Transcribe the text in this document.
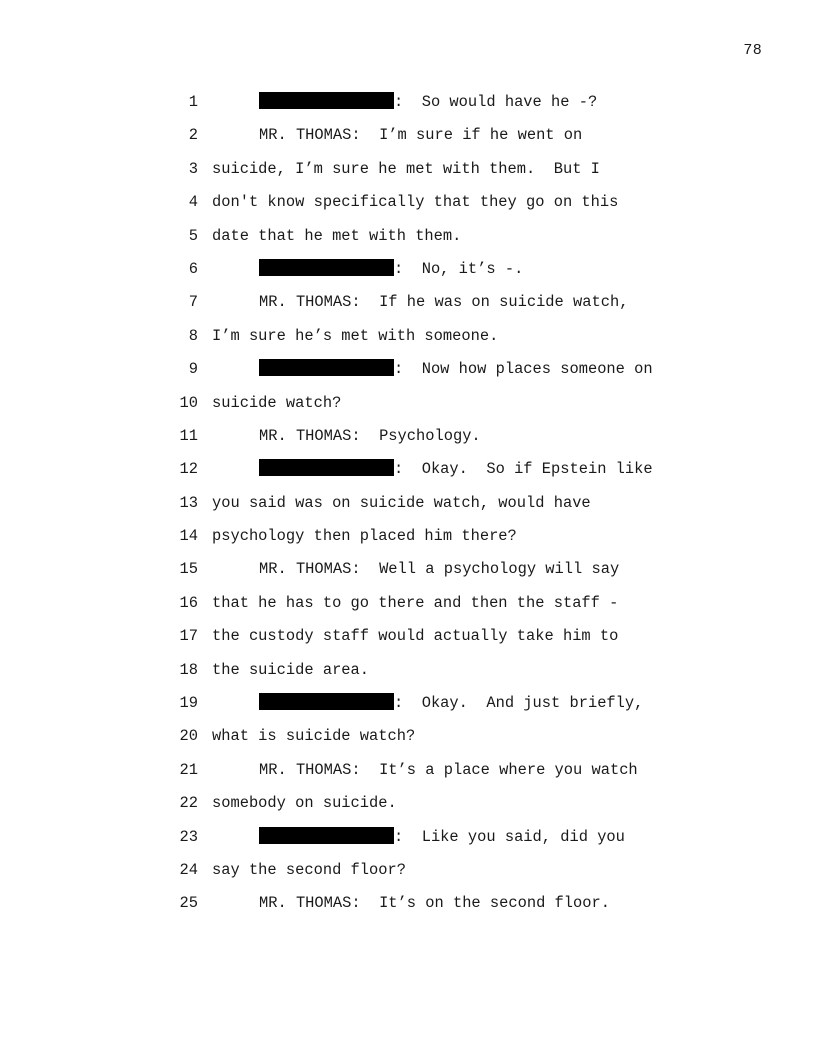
78
1	:  So would have he -?
2	MR. THOMAS:  I’m sure if he went on
3 suicide, I’m sure he met with them.  But I
4 don't know specifically that they go on this
5 date that he met with them.
6	:  No, it’s -.
7	MR. THOMAS:  If he was on suicide watch,
8 I’m sure he’s met with someone.
9	:  Now how places someone on
10 suicide watch?
11	MR. THOMAS:  Psychology.
12	:  Okay.  So if Epstein like
13 you said was on suicide watch, would have
14 psychology then placed him there?
15	MR. THOMAS:  Well a psychology will say
16 that he has to go there and then the staff -
17 the custody staff would actually take him to
18 the suicide area.
19	:  Okay.  And just briefly,
20 what is suicide watch?
21	MR. THOMAS:  It’s a place where you watch
22 somebody on suicide.
23	:  Like you said, did you
24 say the second floor?
25	MR. THOMAS:  It’s on the second floor.
